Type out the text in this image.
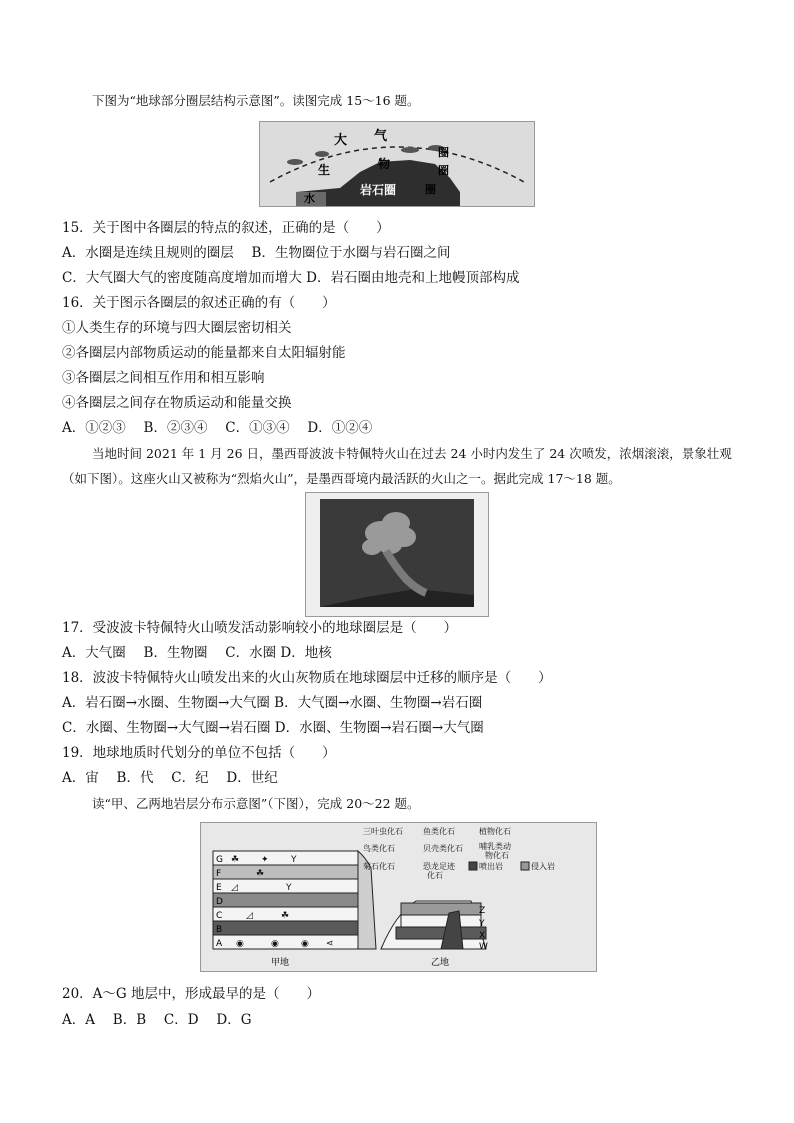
下图为“地球部分圈层结构示意图”。读图完成 15～16 题。
大 气
生	物
圈
圈
圈
水
岩石圈
15．关于图中各圈层的特点的叙述，正确的是（　　）
A．水圈是连续且规则的圈层　 B．生物圈位于水圈与岩石圈之间
C．大气圈大气的密度随高度增加而增大 D．岩石圈由地壳和上地幔顶部构成
16．关于图示各圈层的叙述正确的有（　　）
①人类生存的环境与四大圈层密切相关
②各圈层内部物质运动的能量都来自太阳辐射能
③各圈层之间相互作用和相互影响
④各圈层之间存在物质运动和能量交换
A．①②③　 B．②③④　 C．①③④　 D．①②④
当地时间 2021 年 1 月 26 日，墨西哥波波卡特佩特火山在过去 24 小时内发生了 24 次喷发，浓烟滚滚，景象壮观（如下图）。这座火山又被称为“烈焰火山”，是墨西哥境内最活跃的火山之一。据此完成 17～18 题。
17．受波波卡特佩特火山喷发活动影响较小的地球圈层是（　　）
A．大气圈　 B．生物圈　 C．水圈 D．地核
18．波波卡特佩特火山喷发出来的火山灰物质在地球圈层中迁移的顺序是（　　）
A．岩石圈→水圈、生物圈→大气圈 B．大气圈→水圈、生物圈→岩石圈
C．水圈、生物圈→大气圈→岩石圈 D．水圈、生物圈→岩石圈→大气圈
19．地球地质时代划分的单位不包括（　　）
A．宙　 B．代　 C．纪　 D．世纪
读“甲、乙两地岩层分布示意图”（下图），完成 20～22 题。
G
F
E
D
C
B
A
☘ ✦ Y
☘
◿	Y
◿	☘
◉	◉ ◉ ⋖
Z
Y
X
W
三叶虫化石	鱼类化石	植物化石
鸟类化石	贝壳类化石 哺乳类动
物化石
菊石化石	恐龙足迹
化石
喷出岩	侵入岩
甲地	乙地
20．A～G 地层中，形成最早的是（　　）
A．A　 B．B　 C．D　 D．G
